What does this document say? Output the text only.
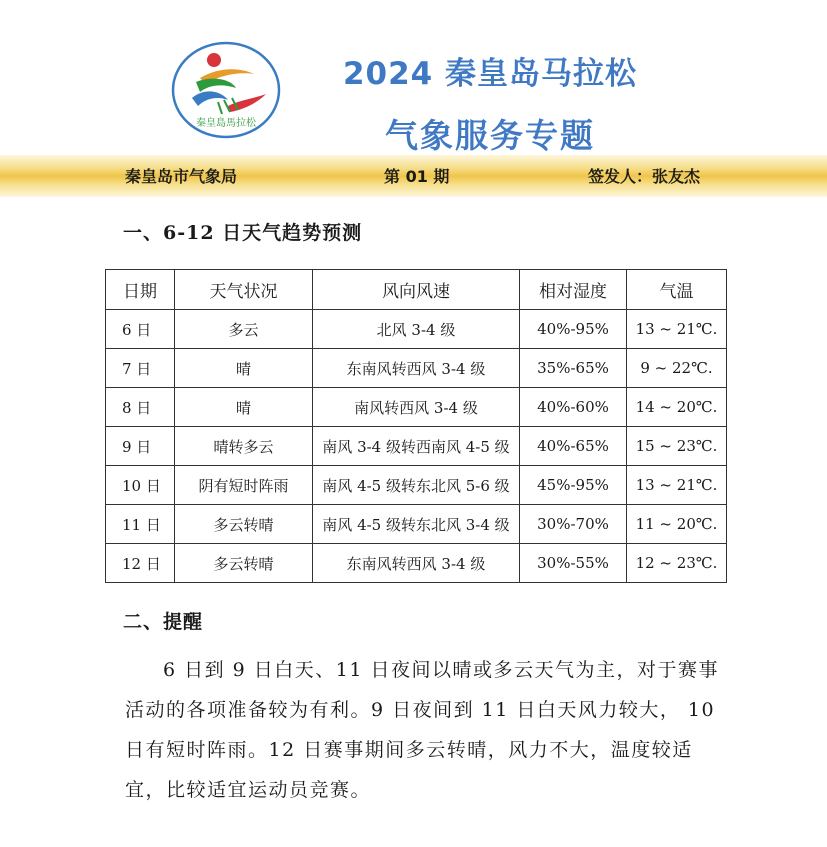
秦皇島馬拉松
2024 秦皇岛马拉松
气象服务专题
秦皇岛市气象局	第 01 期	签发人：张友杰
一、6-12 日天气趋势预测
日期	天气状况	风向风速	相对湿度	气温
6 日	多云	北风 3-4 级	40%-95%	13 ~ 21℃.
7 日	晴	东南风转西风 3-4 级	35%-65%	9 ~ 22℃.
8 日	晴	南风转西风 3-4 级	40%-60%	14 ~ 20℃.
9 日	晴转多云	南风 3-4 级转西南风 4-5 级	40%-65%	15 ~ 23℃.
10 日	阴有短时阵雨	南风 4-5 级转东北风 5-6 级	45%-95%	13 ~ 21℃.
11 日	多云转晴	南风 4-5 级转东北风 3-4 级	30%-70%	11 ~ 20℃.
12 日	多云转晴	东南风转西风 3-4 级	30%-55%	12 ~ 23℃.
二、提醒
6 日到 9 日白天、11 日夜间以晴或多云天气为主，对于赛事活动的各项准备较为有利。9 日夜间到 11 日白天风力较大， 10 日有短时阵雨。12 日赛事期间多云转晴，风力不大，温度较适宜，比较适宜运动员竞赛。
